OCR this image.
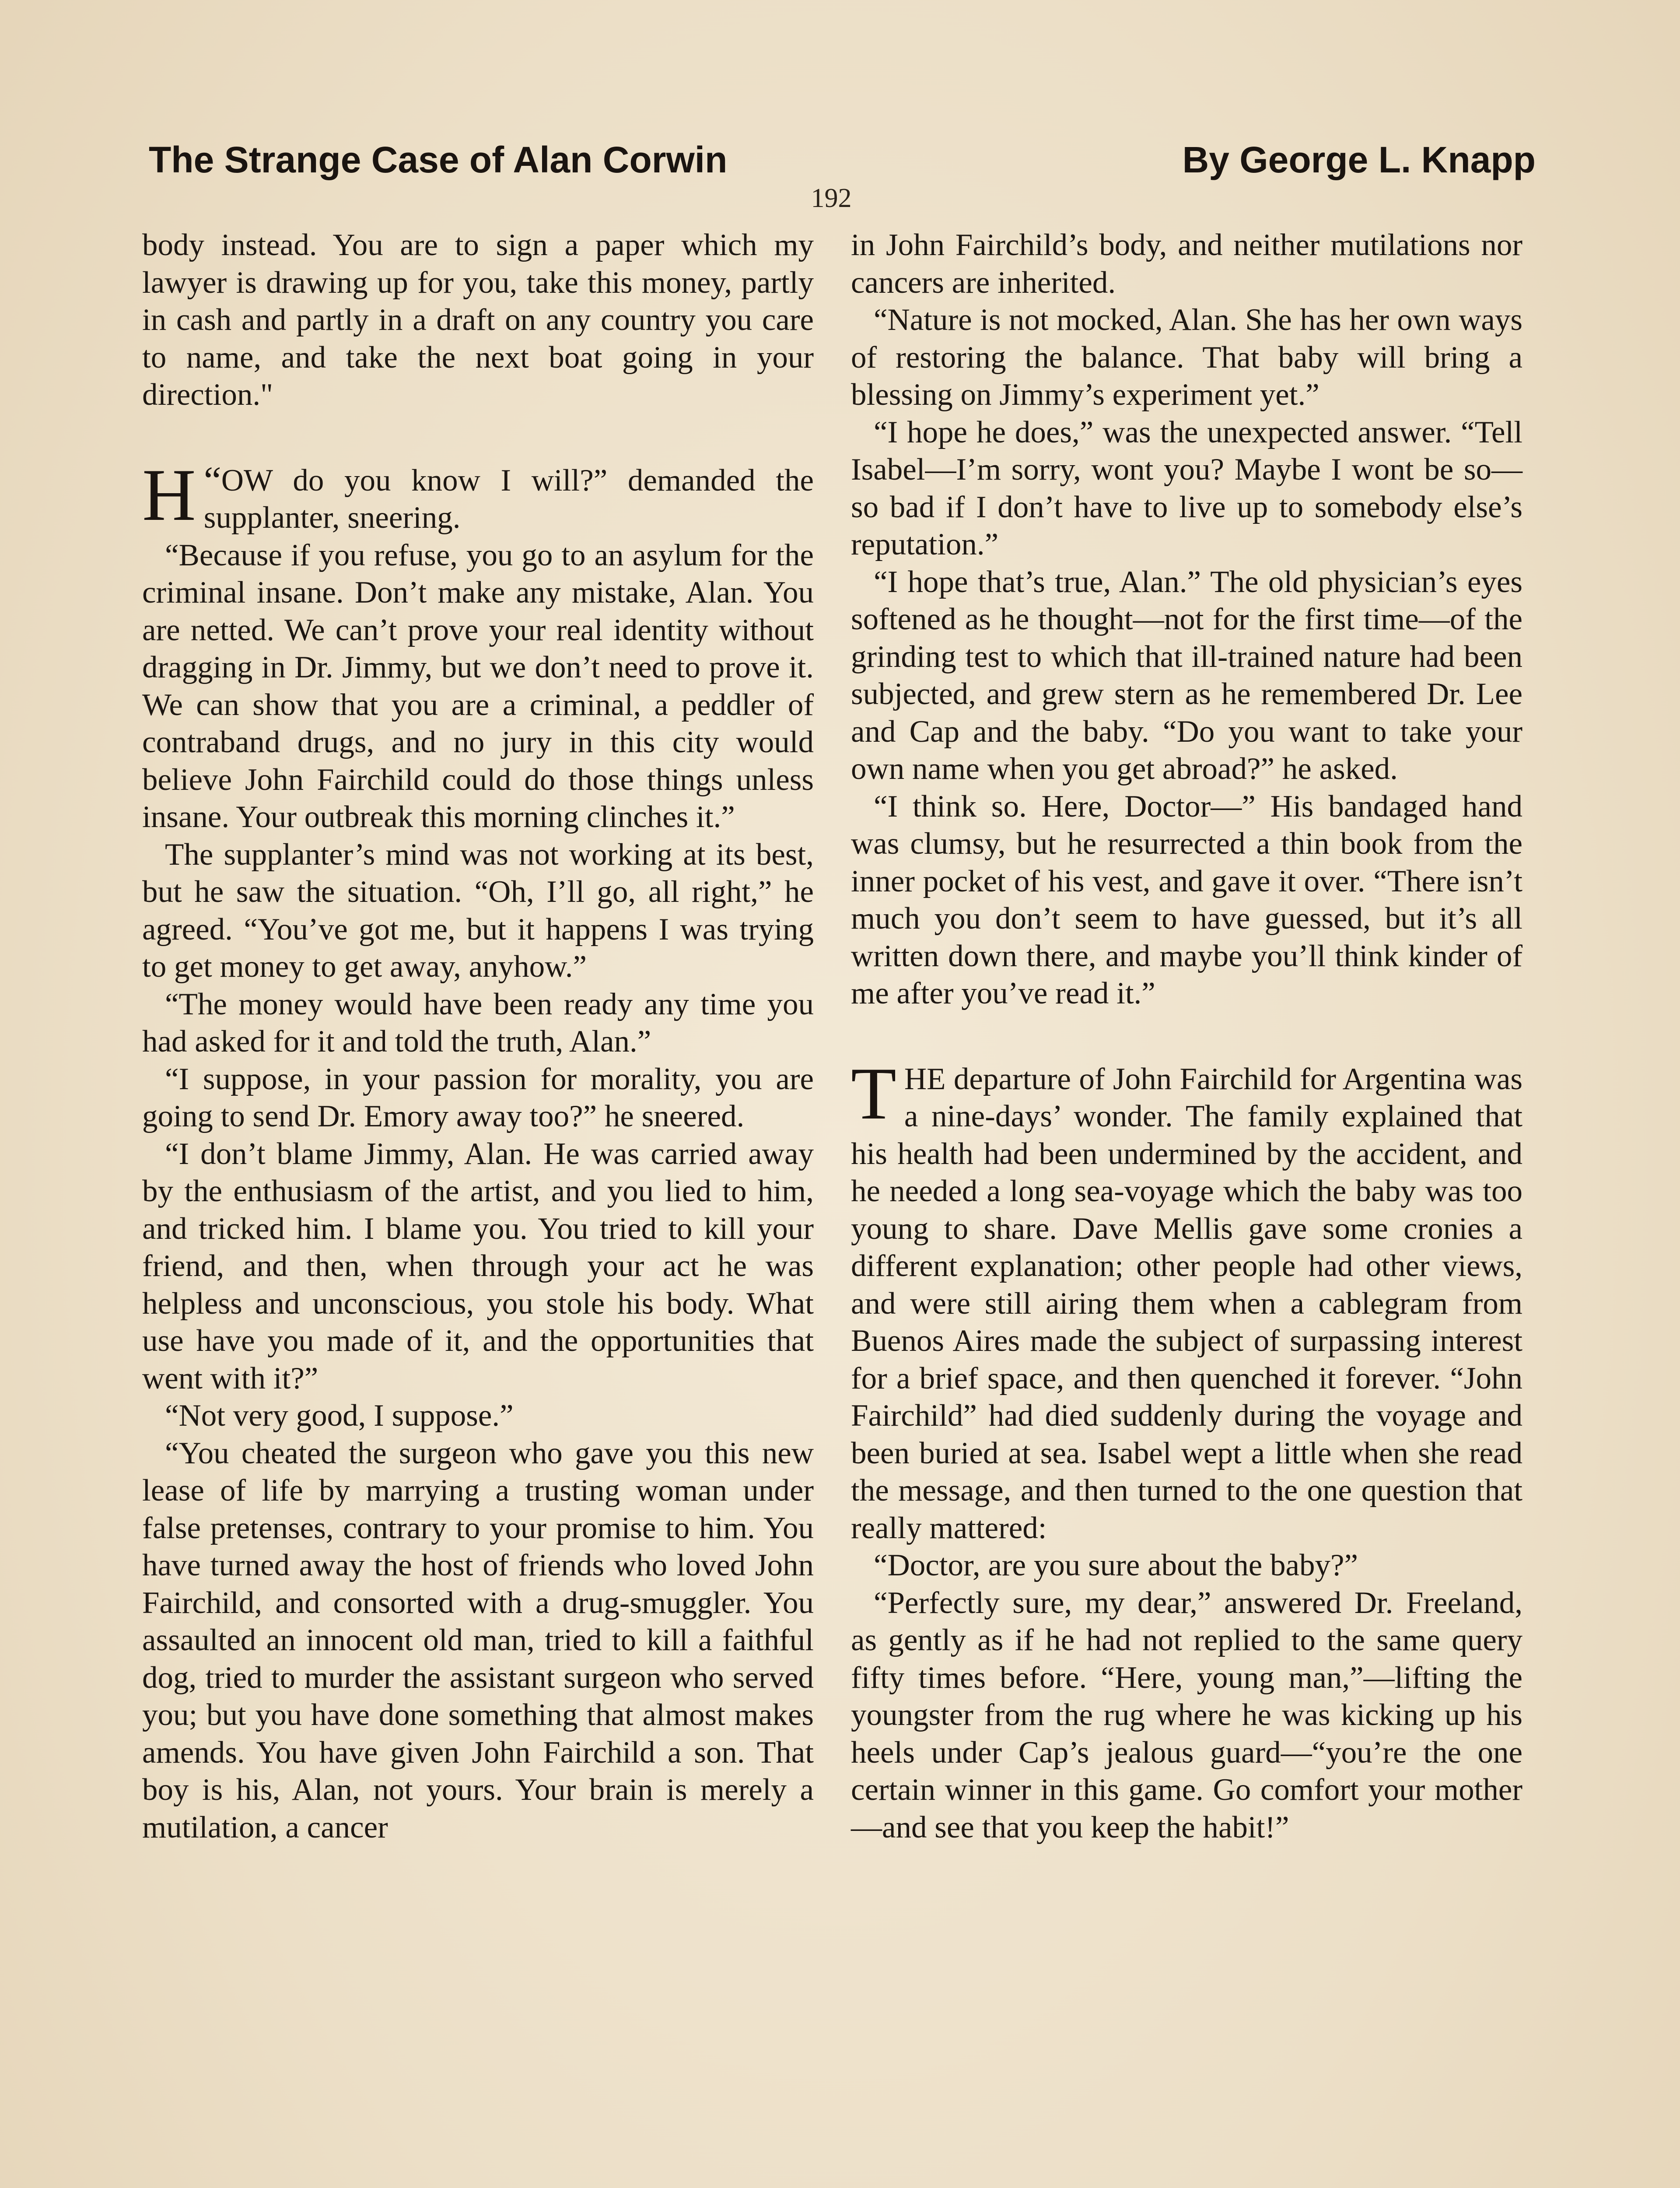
The Strange Case of Alan Corwin	By George L. Knapp
192

body instead. You are to sign a paper which my lawyer is drawing up for you, take this money, partly in cash and partly in a draft on any country you care to name, and take the next boat going in your direction."

“
H OW do you know I will?” demanded the supplanter, sneering.

“Because if you refuse, you go to an asylum for the criminal insane. Don’t make any mistake, Alan. You are netted. We can’t prove your real identity without dragging in Dr. Jimmy, but we don’t need to prove it. We can show that you are a criminal, a peddler of contraband drugs, and no jury in this city would believe John Fairchild could do those things unless insane. Your outbreak this morning clinches it.”

The supplanter’s mind was not working at its best, but he saw the situation. “Oh, I’ll go, all right,” he agreed. “You’ve got me, but it happens I was trying to get money to get away, anyhow.”

“The money would have been ready any time you had asked for it and told the truth, Alan.”

“I suppose, in your passion for morality, you are going to send Dr. Emory away too?” he sneered.

“I don’t blame Jimmy, Alan. He was carried away by the enthusiasm of the artist, and you lied to him, and tricked him. I blame you. You tried to kill your friend, and then, when through your act he was helpless and unconscious, you stole his body. What use have you made of it, and the opportunities that went with it?”

“Not very good, I suppose.”

“You cheated the surgeon who gave you this new lease of life by marrying a trusting woman under false pretenses, contrary to your promise to him. You have turned away the host of friends who loved John Fairchild, and consorted with a drug-smuggler. You assaulted an innocent old man, tried to kill a faithful dog, tried to murder the assistant surgeon who served you; but you have done something that almost makes amends. You have given John Fairchild a son. That boy is his, Alan, not yours. Your brain is merely a mutilation, a cancer

in John Fairchild’s body, and neither mutilations nor cancers are inherited.

“Nature is not mocked, Alan. She has her own ways of restoring the balance. That baby will bring a blessing on Jimmy’s experiment yet.”

“I hope he does,” was the unexpected answer. “Tell Isabel—I’m sorry, wont you? Maybe I wont be so—so bad if I don’t have to live up to somebody else’s reputation.”

“I hope that’s true, Alan.” The old physician’s eyes softened as he thought—not for the first time—of the grinding test to which that ill-trained nature had been subjected, and grew stern as he remembered Dr. Lee and Cap and the baby. “Do you want to take your own name when you get abroad?” he asked.

“I think so. Here, Doctor—” His bandaged hand was clumsy, but he resurrected a thin book from the inner pocket of his vest, and gave it over. “There isn’t much you don’t seem to have guessed, but it’s all written down there, and maybe you’ll think kinder of me after you’ve read it.”

THE departure of John Fairchild for Argentina was a nine-days’ wonder. The family explained that his health had been undermined by the accident, and he needed a long sea-voyage which the baby was too young to share. Dave Mellis gave some cronies a different explanation; other people had other views, and were still airing them when a cablegram from Buenos Aires made the subject of surpassing interest for a brief space, and then quenched it forever. “John Fairchild” had died suddenly during the voyage and been buried at sea. Isabel wept a little when she read the message, and then turned to the one question that really mattered:

“Doctor, are you sure about the baby?”

“Perfectly sure, my dear,” answered Dr. Freeland, as gently as if he had not replied to the same query fifty times before. “Here, young man,”—lifting the youngster from the rug where he was kicking up his heels under Cap’s jealous guard—“you’re the one certain winner in this game. Go comfort your mother—and see that you keep the habit!”
